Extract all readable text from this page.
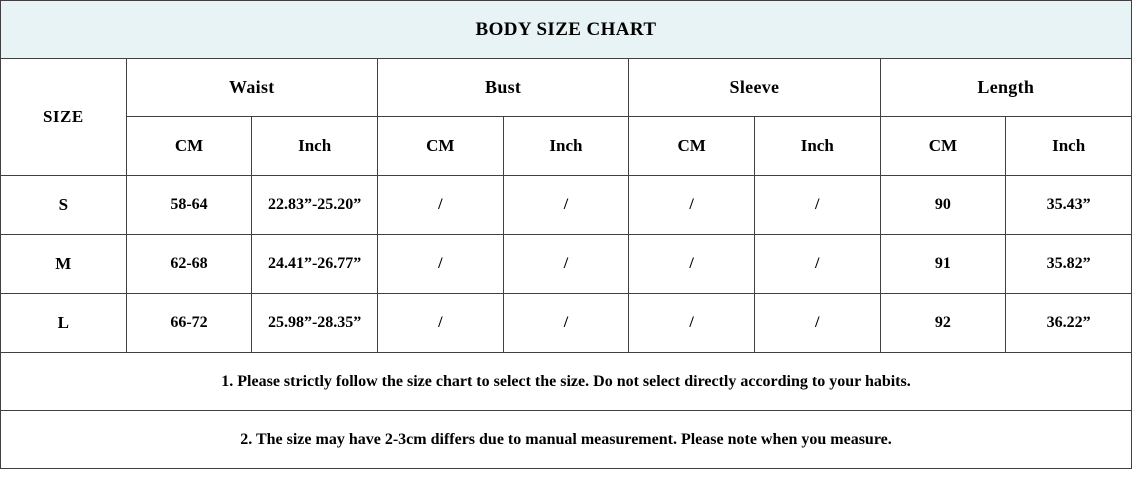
BODY SIZE CHART								
SIZE	Waist		Bust		Sleeve		Length	
	CM	Inch	CM	Inch	CM	Inch	CM	Inch
S	58-64	22.83”-25.20”	/	/	/	/	90	35.43”
M	62-68	24.41”-26.77”	/	/	/	/	91	35.82”
L	66-72	25.98”-28.35”	/	/	/	/	92	36.22”
1. Please strictly follow the size chart to select the size. Do not select directly according to your habits.								
2. The size may have 2-3cm differs due to manual measurement. Please note when you measure.								
